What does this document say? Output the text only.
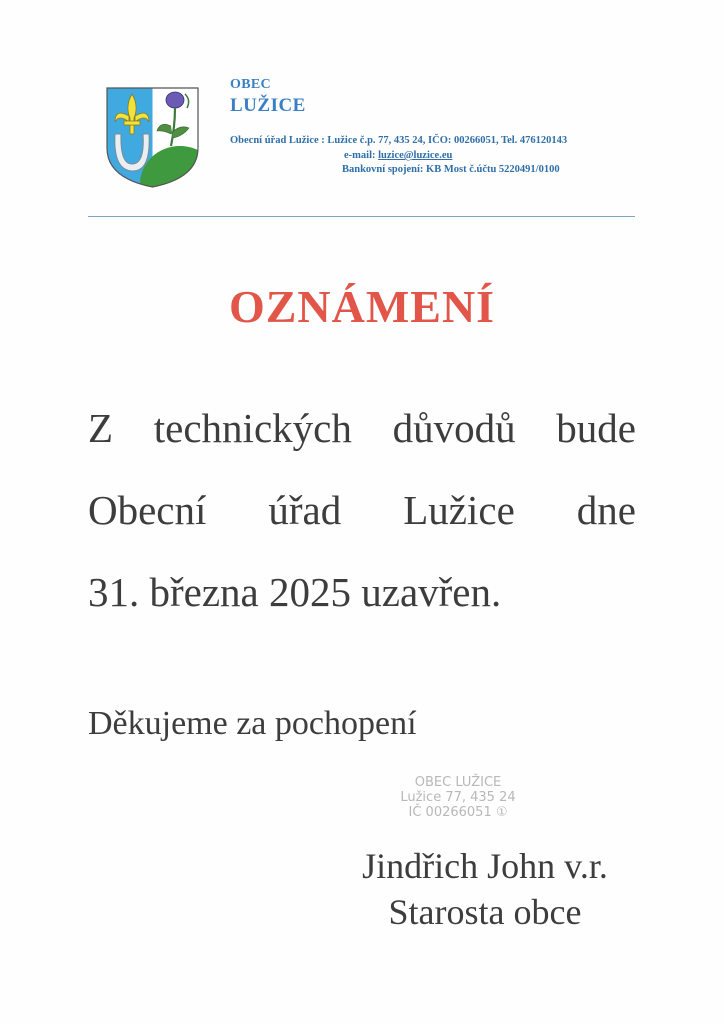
OBEC
LUŽICE
Obecní úřad Lužice : Lužice č.p. 77, 435 24, IČO: 00266051, Tel. 476120143
e-mail: luzice@luzice.eu
Bankovní spojení: KB Most č.účtu 5220491/0100
OZNÁMENÍ
Z technických důvodů bude
Obecní úřad Lužice dne
31. března 2025 uzavřen.
Děkujeme za pochopení
OBEC LUŽICE
Lužice 77, 435 24
IČ 00266051 ①
Jindřich John v.r.
Starosta obce
